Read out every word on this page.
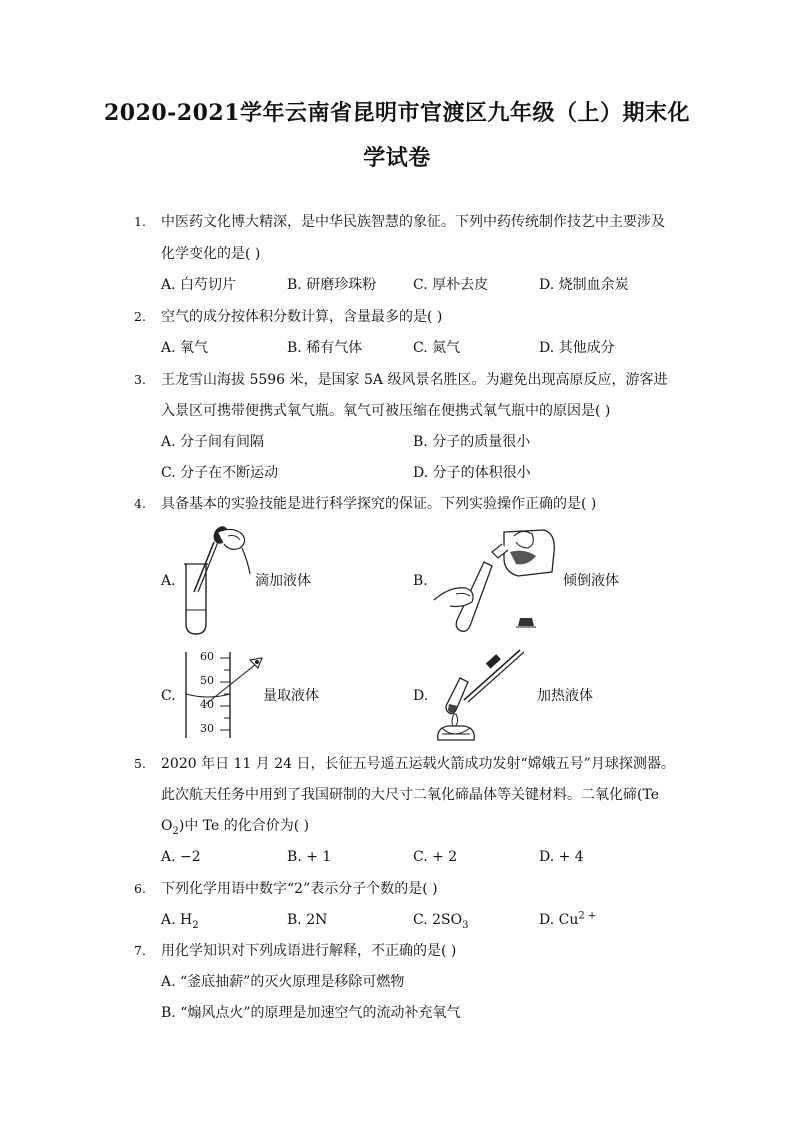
2020-2021学年云南省昆明市官渡区九年级（上）期末化
学试卷
1. 中医药文化博大精深，是中华民族智慧的象征。下列中药传统制作技艺中主要涉及
化学变化的是( )
A. 白芍切片	B. 研磨珍珠粉	C. 厚朴去皮	D. 烧制血余炭
2. 空气的成分按体积分数计算，含量最多的是( )
A. 氧气	B. 稀有气体	C. 氮气	D. 其他成分
3. 王龙雪山海拔 5596 米，是国家 5A 级风景名胜区。为避免出现高原反应，游客进
入景区可携带便携式氧气瓶。氧气可被压缩在便携式氧气瓶中的原因是( )
A. 分子间有间隔	B. 分子的质量很小
C. 分子在不断运动	D. 分子的体积很小
4. 具备基本的实验技能是进行科学探究的保证。下列实验操作正确的是( )
A.	滴加液体	B.	倾倒液体
C.
60
50
40
30
量取液体	D.	加热液体
5. 2020 年日 11 月 24 日，长征五号遥五运载火箭成功发射“嫦娥五号”月球探测器。
此次航天任务中用到了我国研制的大尺寸二氧化碲晶体等关键材料。二氧化碲(Te
$O_2$)中 Te 的化合价为( )
A. −2	B. + 1	C. + 2	D. + 4
6. 下列化学用语中数字“2”表示分子个数的是( )
A. $H_2$	B. 2N	C. $2SO_3$	D. $Cu^{2 +}$
7. 用化学知识对下列成语进行解释，不正确的是( )
A. “釜底抽薪”的灭火原理是移除可燃物
B. “煽风点火”的原理是加速空气的流动补充氧气
